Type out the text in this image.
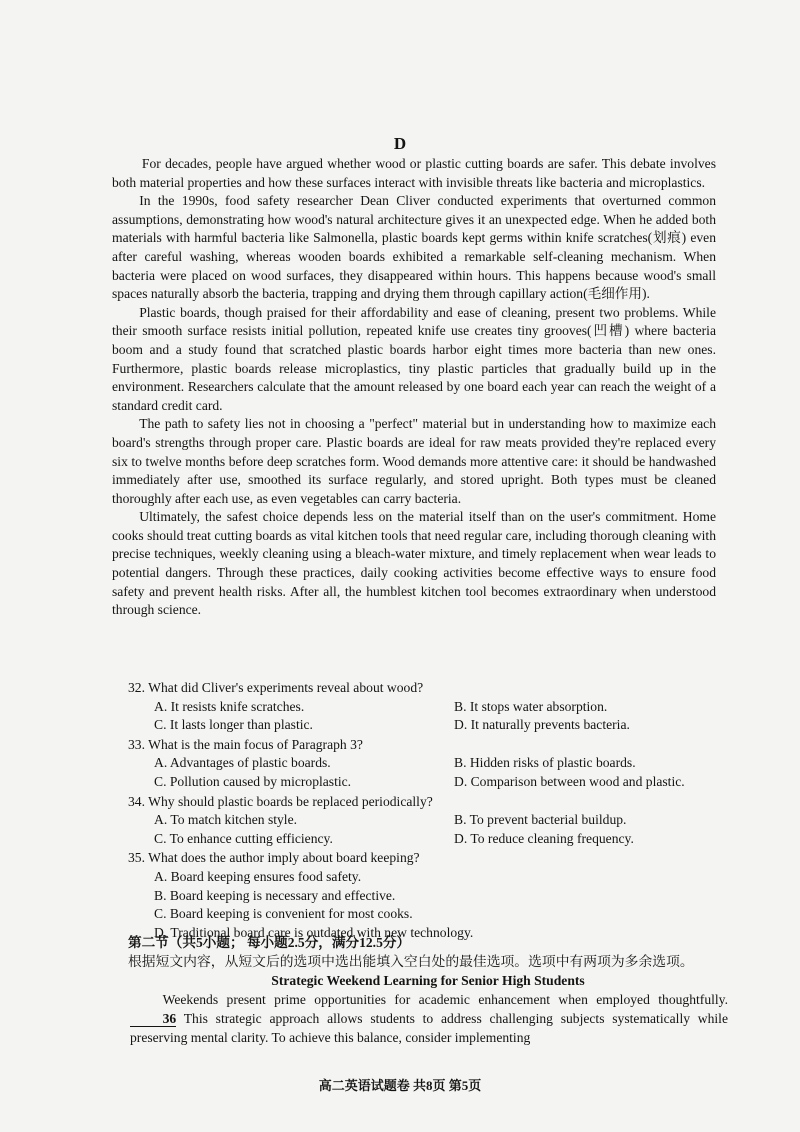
D

For decades, people have argued whether wood or plastic cutting boards are safer. This debate involves both material properties and how these surfaces interact with invisible threats like bacteria and microplastics.

In the 1990s, food safety researcher Dean Cliver conducted experiments that overturned common assumptions, demonstrating how wood's natural architecture gives it an unexpected edge. When he added both materials with harmful bacteria like Salmonella, plastic boards kept germs within knife scratches(划痕) even after careful washing, whereas wooden boards exhibited a remarkable self-cleaning mechanism. When bacteria were placed on wood surfaces, they disappeared within hours. This happens because wood's small spaces naturally absorb the bacteria, trapping and drying them through capillary action(毛细作用).

Plastic boards, though praised for their affordability and ease of cleaning, present two problems. While their smooth surface resists initial pollution, repeated knife use creates tiny grooves(凹槽) where bacteria boom and a study found that scratched plastic boards harbor eight times more bacteria than new ones. Furthermore, plastic boards release microplastics, tiny plastic particles that gradually build up in the environment. Researchers calculate that the amount released by one board each year can reach the weight of a standard credit card.

The path to safety lies not in choosing a "perfect" material but in understanding how to maximize each board's strengths through proper care. Plastic boards are ideal for raw meats provided they're replaced every six to twelve months before deep scratches form. Wood demands more attentive care: it should be handwashed immediately after use, smoothed its surface regularly, and stored upright. Both types must be cleaned thoroughly after each use, as even vegetables can carry bacteria.

Ultimately, the safest choice depends less on the material itself than on the user's commitment. Home cooks should treat cutting boards as vital kitchen tools that need regular care, including thorough cleaning with precise techniques, weekly cleaning using a bleach-water mixture, and timely replacement when wear leads to potential dangers. Through these practices, daily cooking activities become effective ways to ensure food safety and prevent health risks. After all, the humblest kitchen tool becomes extraordinary when understood through science.

32. What did Cliver's experiments reveal about wood?

A. It resists knife scratches.	B. It stops water absorption.

C. It lasts longer than plastic.	D. It naturally prevents bacteria.

33. What is the main focus of Paragraph 3?

A. Advantages of plastic boards.	B. Hidden risks of plastic boards.

C. Pollution caused by microplastic.	D. Comparison between wood and plastic.

34. Why should plastic boards be replaced periodically?

A. To match kitchen style.	B. To prevent bacterial buildup.

C. To enhance cutting efficiency.	D. To reduce cleaning frequency.

35. What does the author imply about board keeping?

A. Board keeping ensures food safety.

B. Board keeping is necessary and effective.

C. Board keeping is convenient for most cooks.

D. Traditional board care is outdated with new technology.

第二节（共5小题； 每小题2.5分，满分12.5分）

根据短文内容，从短文后的选项中选出能填入空白处的最佳选项。选项中有两项为多余选项。

Strategic Weekend Learning for Senior High Students

Weekends present prime opportunities for academic enhancement when employed thoughtfully. 36 This strategic approach allows students to address challenging subjects systematically while preserving mental clarity. To achieve this balance, consider implementing

高二英语试题卷 共8页 第5页
